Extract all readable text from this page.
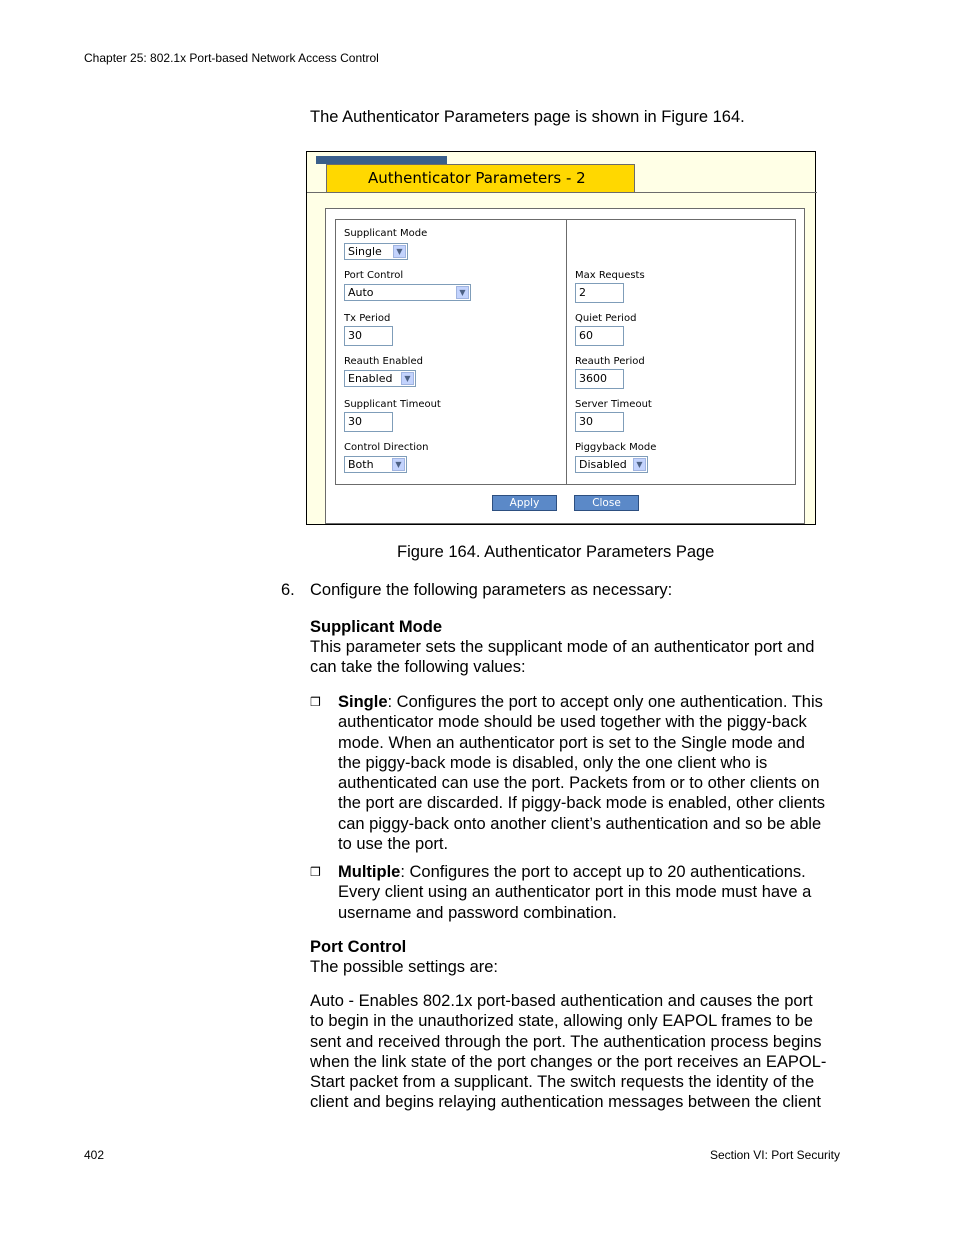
Chapter 25: 802.1x Port-based Network Access Control
The Authenticator Parameters page is shown in Figure 164.
Authenticator Parameters - 2
Supplicant Mode
Single	▼
Port Control
Auto	▼
Tx Period
30
Reauth Enabled
Enabled	▼
Supplicant Timeout
30
Control Direction
Both	▼
Max Requests
2
Quiet Period
60
Reauth Period
3600
Server Timeout
30
Piggyback Mode
Disabled	▼
Apply	Close
Figure 164. Authenticator Parameters Page
6. Configure the following parameters as necessary:
Supplicant Mode
This parameter sets the supplicant mode of an authenticator port and
can take the following values:
❒ Single: Configures the port to accept only one authentication. This
authenticator mode should be used together with the piggy-back
mode. When an authenticator port is set to the Single mode and
the piggy-back mode is disabled, only the one client who is
authenticated can use the port. Packets from or to other clients on
the port are discarded. If piggy-back mode is enabled, other clients
can piggy-back onto another client’s authentication and so be able
to use the port.
❒ Multiple: Configures the port to accept up to 20 authentications.
Every client using an authenticator port in this mode must have a
username and password combination.
Port Control
The possible settings are:
Auto - Enables 802.1x port-based authentication and causes the port
to begin in the unauthorized state, allowing only EAPOL frames to be
sent and received through the port. The authentication process begins
when the link state of the port changes or the port receives an EAPOL-
Start packet from a supplicant. The switch requests the identity of the
client and begins relaying authentication messages between the client
402	Section VI: Port Security
